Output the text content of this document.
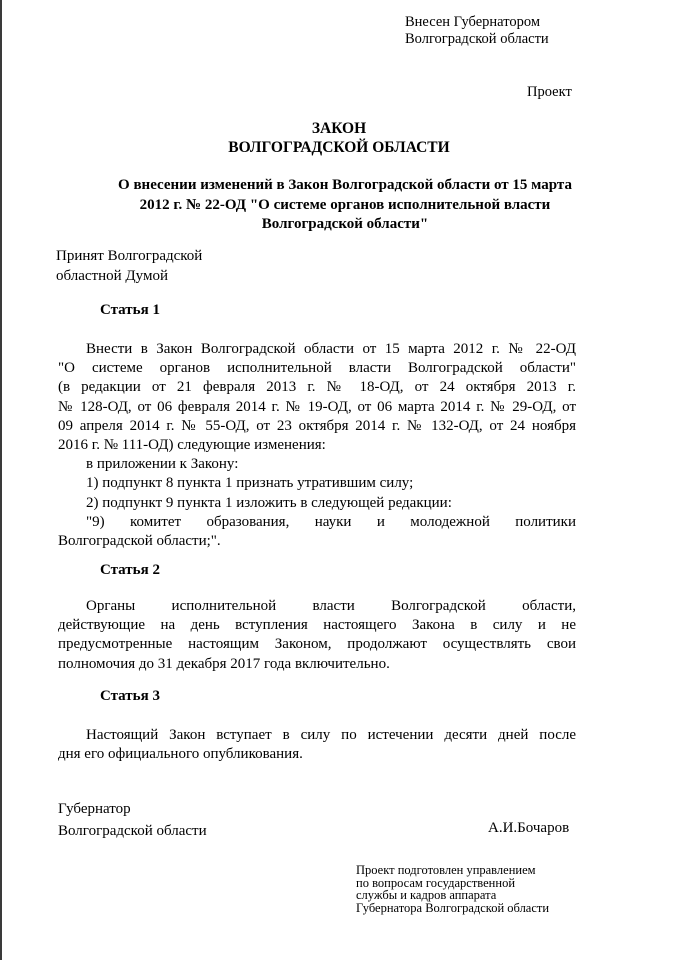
Внесен Губернатором
Волгоградской области
Проект
ЗАКОН
ВОЛГОГРАДСКОЙ ОБЛАСТИ
О внесении изменений в Закон Волгоградской области от 15 марта
2012 г. № 22-ОД "О системе органов исполнительной власти
Волгоградской области"
Принят Волгоградской
областной Думой
Статья 1
Внести в Закон Волгоградской области от 15 марта 2012 г. № 22-ОД
"О системе органов исполнительной власти Волгоградской области"
(в редакции от 21 февраля 2013 г. № 18-ОД, от 24 октября 2013 г.
№ 128-ОД, от 06 февраля 2014 г. № 19-ОД, от 06 марта 2014 г. № 29-ОД, от
09 апреля 2014 г. № 55-ОД, от 23 октября 2014 г. № 132-ОД, от 24 ноября
2016 г. № 111-ОД) следующие изменения:
в приложении к Закону:
1) подпункт 8 пункта 1 признать утратившим силу;
2) подпункт 9 пункта 1 изложить в следующей редакции:
"9) комитет образования, науки и молодежной политики
Волгоградской области;".
Статья 2
Органы исполнительной власти Волгоградской области,
действующие на день вступления настоящего Закона в силу и не
предусмотренные настоящим Законом, продолжают осуществлять свои
полномочия до 31 декабря 2017 года включительно.
Статья 3
Настоящий Закон вступает в силу по истечении десяти дней после
дня его официального опубликования.
Губернатор
Волгоградской области	А.И.Бочаров
Проект подготовлен управлением
по вопросам государственной
службы и кадров аппарата
Губернатора Волгоградской области
